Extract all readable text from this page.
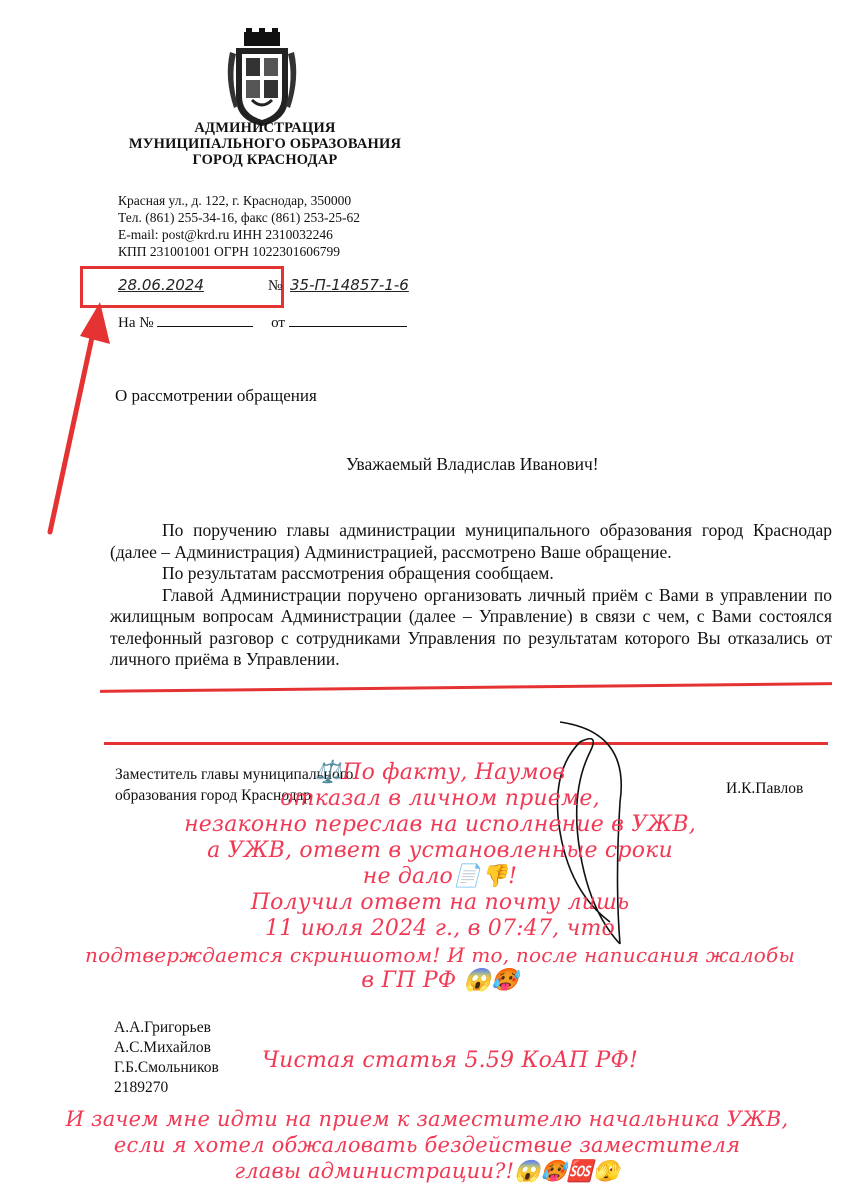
АДМИНИСТРАЦИЯ
МУНИЦИПАЛЬНОГО ОБРАЗОВАНИЯ
ГОРОД КРАСНОДАР
Красная ул., д. 122, г. Краснодар, 350000
Тел. (861) 255-34-16, факс (861) 253-25-62
E-mail: post@krd.ru ИНН 2310032246
КПП 231001001 ОГРН 1022301606799
28.06.2024	№ 35-П-14857-1-6
На №	от
О рассмотрении обращения
Уважаемый Владислав Иванович!

По поручению главы администрации муниципального образования город Краснодар (далее – Администрация) Администрацией, рассмотрено Ваше обращение.

По результатам рассмотрения обращения сообщаем.

Главой Администрации поручено организовать личный приём с Вами в управлении по жилищным вопросам Администрации (далее – Управление) в связи с чем, с Вами состоялся телефонный разговор с сотрудниками Управления по результатам которого Вы отказались от личного приёма в Управлении.

Заместитель главы муниципального
образования город Краснодар	И.К.Павлов
А.А.Григорьев
А.С.Михайлов
Г.Б.Смольников
2189270
⚖️По факту, Наумов
отказал в личном приеме,
незаконно переслав на исполнение в УЖВ,
а УЖВ, ответ в установленные сроки
не дало📄👎!
Получил ответ на почту лишь
11 июля 2024 г., в 07:47, что
подтверждается скриншотом! И то, после написания жалобы
в ГП РФ 😱🥵
Чистая статья 5.59 КоАП РФ!
И зачем мне идти на прием к заместителю начальника УЖВ,
если я хотел обжаловать бездействие заместителя
главы администрации?!😱🥵🆘🫣
